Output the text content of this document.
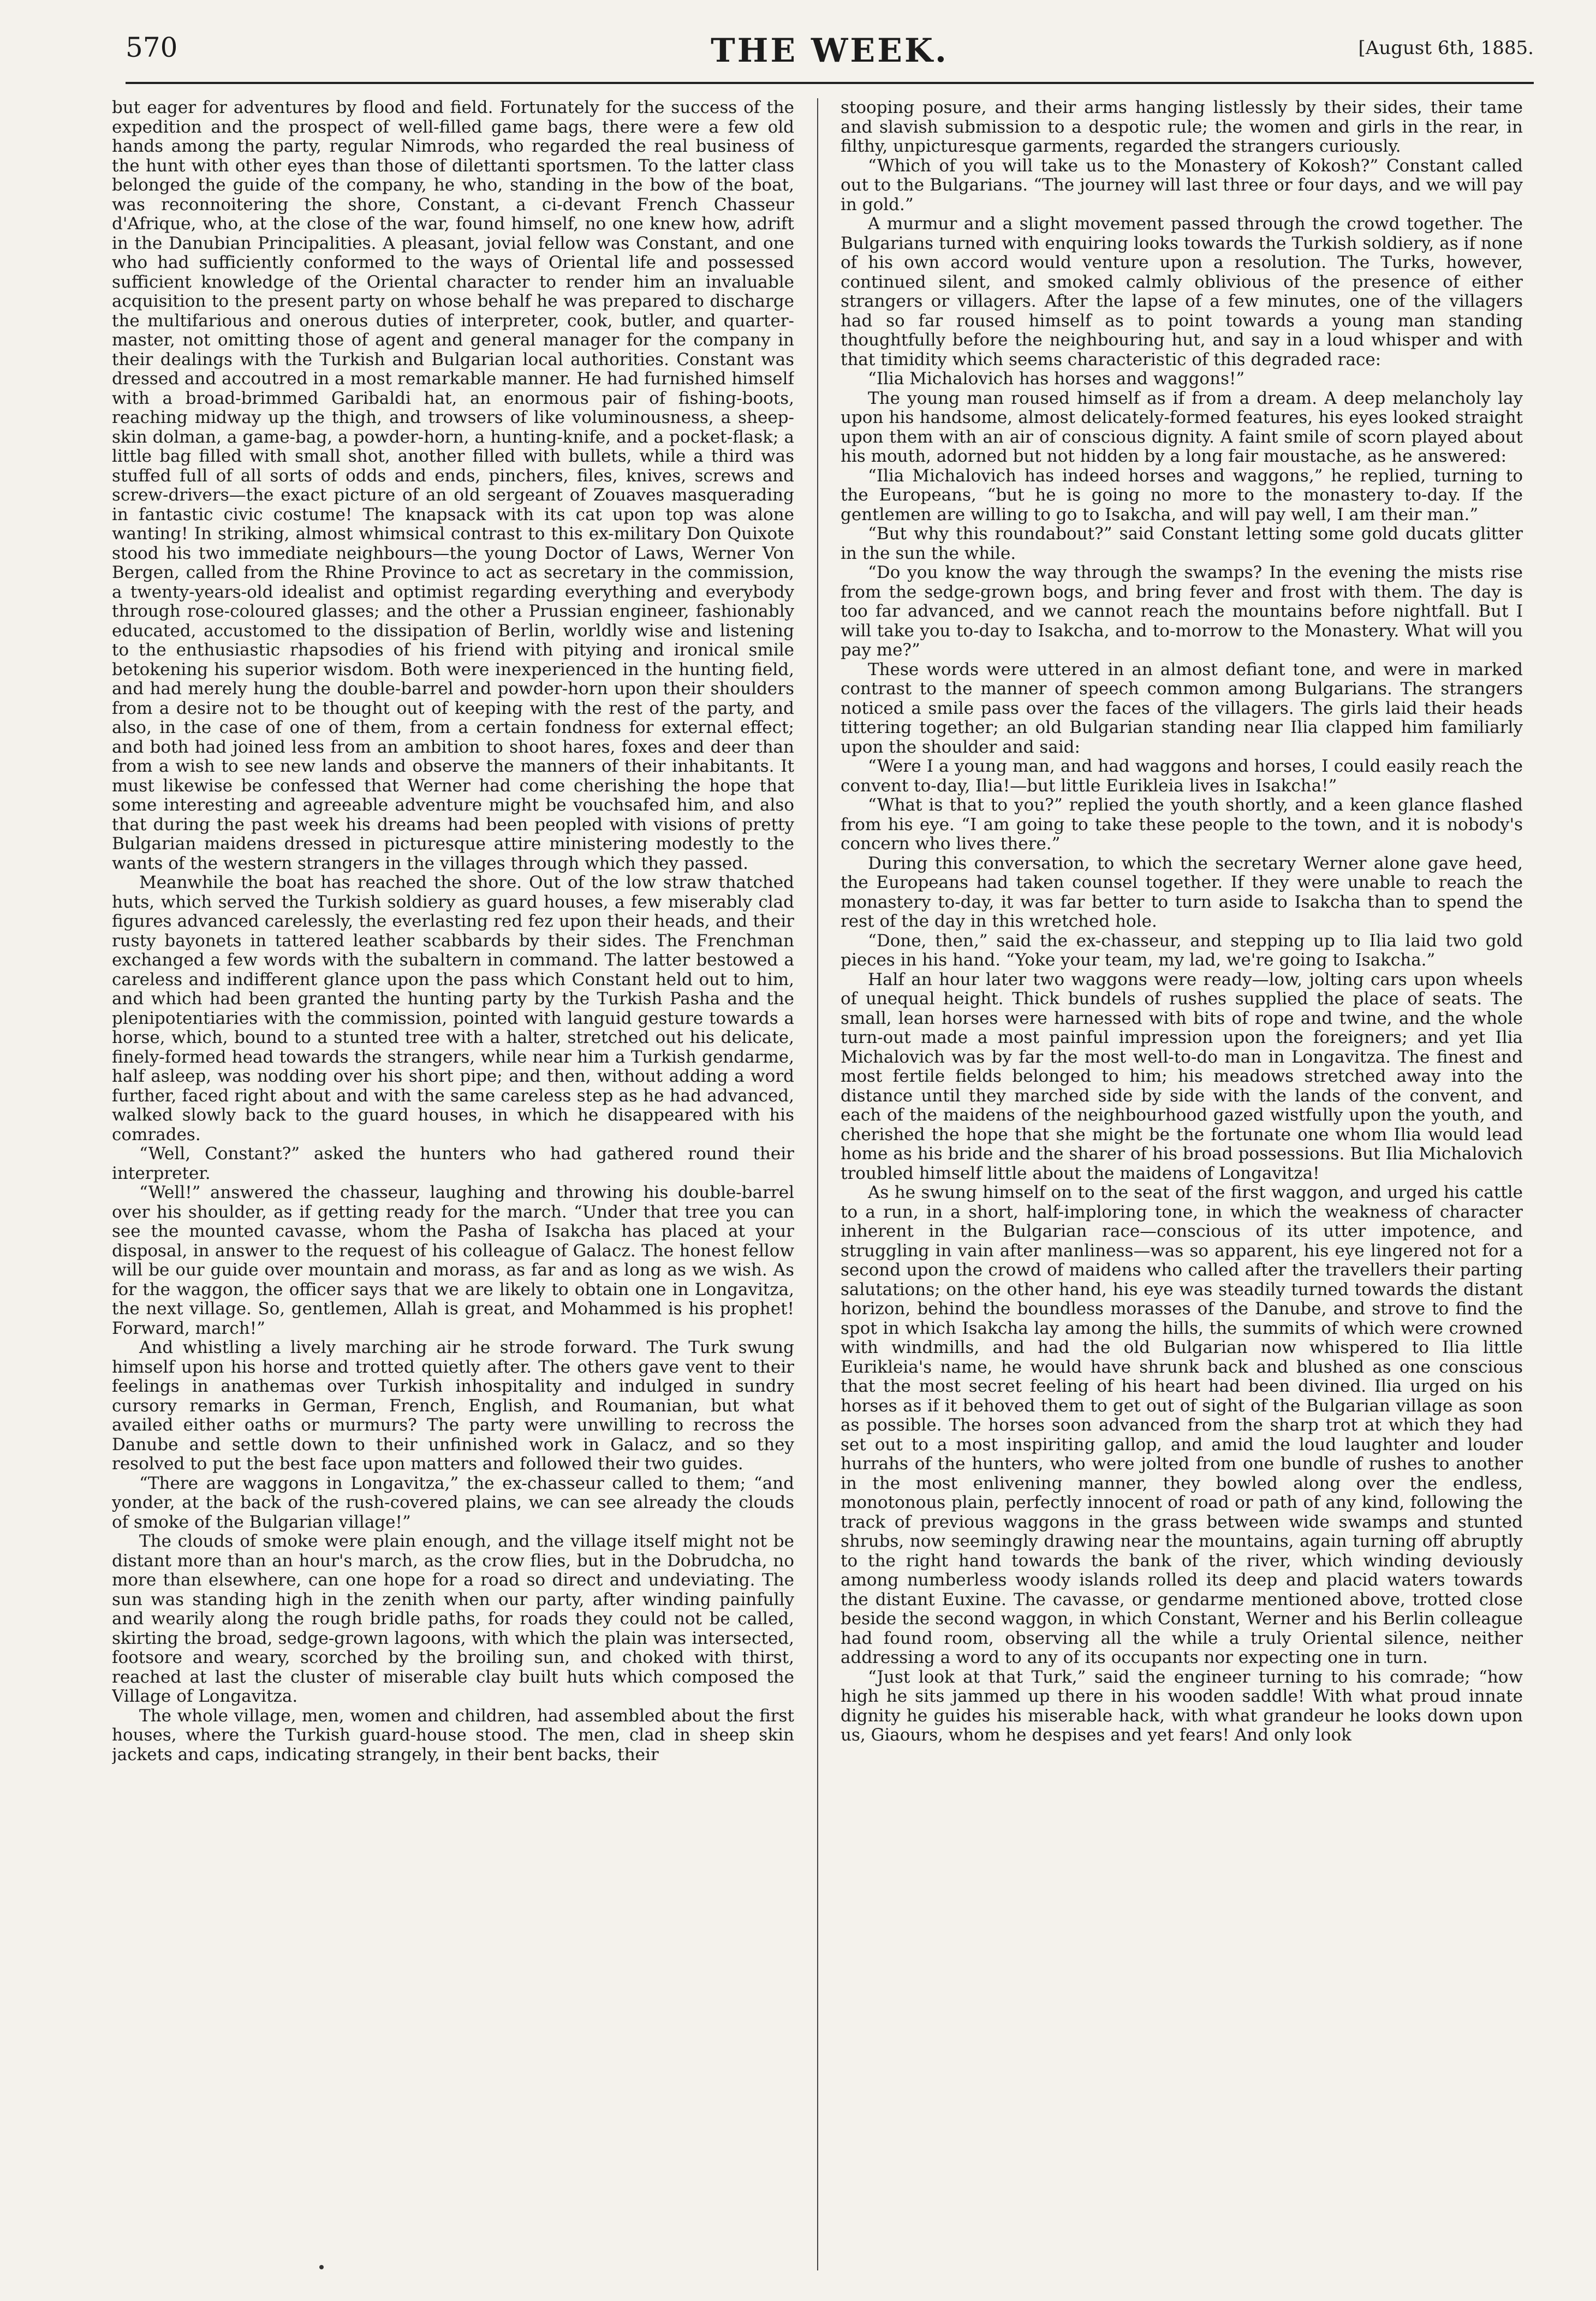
570	THE WEEK.	[August 6th, 1885.

but eager for adventures by flood and field. Fortunately for the success of the expedition and the prospect of well-filled game bags, there were a few old hands among the party, regular Nimrods, who regarded the real business of the hunt with other eyes than those of dilettanti sportsmen. To the latter class belonged the guide of the company, he who, standing in the bow of the boat, was reconnoitering the shore, Constant, a ci-devant French Chasseur d'Afrique, who, at the close of the war, found himself, no one knew how, adrift in the Danubian Principalities. A pleasant, jovial fellow was Constant, and one who had sufficiently conformed to the ways of Oriental life and possessed sufficient knowledge of the Oriental character to render him an invaluable acquisition to the present party on whose behalf he was prepared to discharge the multifarious and onerous duties of interpreter, cook, butler, and quarter-master, not omitting those of agent and general manager for the company in their dealings with the Turkish and Bulgarian local authorities. Constant was dressed and accoutred in a most remarkable manner. He had furnished himself with a broad-brimmed Garibaldi hat, an enormous pair of fishing-boots, reaching midway up the thigh, and trowsers of like voluminousness, a sheep-skin dolman, a game-bag, a powder-horn, a hunting-knife, and a pocket-flask; a little bag filled with small shot, another filled with bullets, while a third was stuffed full of all sorts of odds and ends, pinchers, files, knives, screws and screw-drivers—the exact picture of an old sergeant of Zouaves masquerading in fantastic civic costume! The knapsack with its cat upon top was alone wanting! In striking, almost whimsical contrast to this ex-military Don Quixote stood his two immediate neighbours—the young Doctor of Laws, Werner Von Bergen, called from the Rhine Province to act as secretary in the commission, a twenty-years-old idealist and optimist regarding everything and everybody through rose-coloured glasses; and the other a Prussian engineer, fashionably educated, accustomed to the dissipation of Berlin, worldly wise and listening to the enthusiastic rhapsodies of his friend with pitying and ironical smile betokening his superior wisdom. Both were inexperienced in the hunting field, and had merely hung the double-barrel and powder-horn upon their shoulders from a desire not to be thought out of keeping with the rest of the party, and also, in the case of one of them, from a certain fondness for external effect; and both had joined less from an ambition to shoot hares, foxes and deer than from a wish to see new lands and observe the manners of their inhabitants. It must likewise be confessed that Werner had come cherishing the hope that some interesting and agreeable adventure might be vouchsafed him, and also that during the past week his dreams had been peopled with visions of pretty Bulgarian maidens dressed in picturesque attire ministering modestly to the wants of the western strangers in the villages through which they passed.

Meanwhile the boat has reached the shore. Out of the low straw thatched huts, which served the Turkish soldiery as guard houses, a few miserably clad figures advanced carelessly, the everlasting red fez upon their heads, and their rusty bayonets in tattered leather scabbards by their sides. The Frenchman exchanged a few words with the subaltern in command. The latter bestowed a careless and indifferent glance upon the pass which Constant held out to him, and which had been granted the hunting party by the Turkish Pasha and the plenipotentiaries with the commission, pointed with languid gesture towards a horse, which, bound to a stunted tree with a halter, stretched out his delicate, finely-formed head towards the strangers, while near him a Turkish gendarme, half asleep, was nodding over his short pipe; and then, without adding a word further, faced right about and with the same careless step as he had advanced, walked slowly back to the guard houses, in which he disappeared with his comrades.

“Well, Constant?” asked the hunters who had gathered round their interpreter.

“Well!” answered the chasseur, laughing and throwing his double-barrel over his shoulder, as if getting ready for the march. “Under that tree you can see the mounted cavasse, whom the Pasha of Isakcha has placed at your disposal, in answer to the request of his colleague of Galacz. The honest fellow will be our guide over mountain and morass, as far and as long as we wish. As for the waggon, the officer says that we are likely to obtain one in Longavitza, the next village. So, gentlemen, Allah is great, and Mohammed is his prophet! Forward, march!”

And whistling a lively marching air he strode forward. The Turk swung himself upon his horse and trotted quietly after. The others gave vent to their feelings in anathemas over Turkish inhospitality and indulged in sundry cursory remarks in German, French, English, and Roumanian, but what availed either oaths or murmurs? The party were unwilling to recross the Danube and settle down to their unfinished work in Galacz, and so they resolved to put the best face upon matters and followed their two guides.

“There are waggons in Longavitza,” the ex-chasseur called to them; “and yonder, at the back of the rush-covered plains, we can see already the clouds of smoke of the Bulgarian village!”

The clouds of smoke were plain enough, and the village itself might not be distant more than an hour's march, as the crow flies, but in the Dobrudcha, no more than elsewhere, can one hope for a road so direct and undeviating. The sun was standing high in the zenith when our party, after winding painfully and wearily along the rough bridle paths, for roads they could not be called, skirting the broad, sedge-grown lagoons, with which the plain was intersected, footsore and weary, scorched by the broiling sun, and choked with thirst, reached at last the cluster of miserable clay built huts which composed the Village of Longavitza.

The whole village, men, women and children, had assembled about the first houses, where the Turkish guard-house stood. The men, clad in sheep skin jackets and caps, indicating strangely, in their bent backs, their

stooping posure, and their arms hanging listlessly by their sides, their tame and slavish submission to a despotic rule; the women and girls in the rear, in filthy, unpicturesque garments, regarded the strangers curiously.

“Which of you will take us to the Monastery of Kokosh?” Constant called out to the Bulgarians. “The journey will last three or four days, and we will pay in gold.”

A murmur and a slight movement passed through the crowd together. The Bulgarians turned with enquiring looks towards the Turkish soldiery, as if none of his own accord would venture upon a resolution. The Turks, however, continued silent, and smoked calmly oblivious of the presence of either strangers or villagers. After the lapse of a few minutes, one of the villagers had so far roused himself as to point towards a young man standing thoughtfully before the neighbouring hut, and say in a loud whisper and with that timidity which seems characteristic of this degraded race:

“Ilia Michalovich has horses and waggons!”

The young man roused himself as if from a dream. A deep melancholy lay upon his handsome, almost delicately-formed features, his eyes looked straight upon them with an air of conscious dignity. A faint smile of scorn played about his mouth, adorned but not hidden by a long fair moustache, as he answered:

“Ilia Michalovich has indeed horses and waggons,” he replied, turning to the Europeans, “but he is going no more to the monastery to-day. If the gentlemen are willing to go to Isakcha, and will pay well, I am their man.”

“But why this roundabout?” said Constant letting some gold ducats glitter in the sun the while.

“Do you know the way through the swamps? In the evening the mists rise from the sedge-grown bogs, and bring fever and frost with them. The day is too far advanced, and we cannot reach the mountains before nightfall. But I will take you to-day to Isakcha, and to-morrow to the Monastery. What will you pay me?”

These words were uttered in an almost defiant tone, and were in marked contrast to the manner of speech common among Bulgarians. The strangers noticed a smile pass over the faces of the villagers. The girls laid their heads tittering together; an old Bulgarian standing near Ilia clapped him familiarly upon the shoulder and said:

“Were I a young man, and had waggons and horses, I could easily reach the convent to-day, Ilia!—but little Eurikleia lives in Isakcha!”

“What is that to you?” replied the youth shortly, and a keen glance flashed from his eye. “I am going to take these people to the town, and it is nobody's concern who lives there.”

During this conversation, to which the secretary Werner alone gave heed, the Europeans had taken counsel together. If they were unable to reach the monastery to-day, it was far better to turn aside to Isakcha than to spend the rest of the day in this wretched hole.

“Done, then,” said the ex-chasseur, and stepping up to Ilia laid two gold pieces in his hand. “Yoke your team, my lad, we're going to Isakcha.”

Half an hour later two waggons were ready—low, jolting cars upon wheels of unequal height. Thick bundels of rushes supplied the place of seats. The small, lean horses were harnessed with bits of rope and twine, and the whole turn-out made a most painful impression upon the foreigners; and yet Ilia Michalovich was by far the most well-to-do man in Longavitza. The finest and most fertile fields belonged to him; his meadows stretched away into the distance until they marched side by side with the lands of the convent, and each of the maidens of the neighbourhood gazed wistfully upon the youth, and cherished the hope that she might be the fortunate one whom Ilia would lead home as his bride and the sharer of his broad possessions. But Ilia Michalovich troubled himself little about the maidens of Longavitza!

As he swung himself on to the seat of the first waggon, and urged his cattle to a run, in a short, half-imploring tone, in which the weakness of character inherent in the Bulgarian race—conscious of its utter impotence, and struggling in vain after manliness—was so apparent, his eye lingered not for a second upon the crowd of maidens who called after the travellers their parting salutations; on the other hand, his eye was steadily turned towards the distant horizon, behind the boundless morasses of the Danube, and strove to find the spot in which Isakcha lay among the hills, the summits of which were crowned with windmills, and had the old Bulgarian now whispered to Ilia little Eurikleia's name, he would have shrunk back and blushed as one conscious that the most secret feeling of his heart had been divined. Ilia urged on his horses as if it behoved them to get out of sight of the Bulgarian village as soon as possible. The horses soon advanced from the sharp trot at which they had set out to a most inspiriting gallop, and amid the loud laughter and louder hurrahs of the hunters, who were jolted from one bundle of rushes to another in the most enlivening manner, they bowled along over the endless, monotonous plain, perfectly innocent of road or path of any kind, following the track of previous waggons in the grass between wide swamps and stunted shrubs, now seemingly drawing near the mountains, again turning off abruptly to the right hand towards the bank of the river, which winding deviously among numberless woody islands rolled its deep and placid waters towards the distant Euxine. The cavasse, or gendarme mentioned above, trotted close beside the second waggon, in which Constant, Werner and his Berlin colleague had found room, observing all the while a truly Oriental silence, neither addressing a word to any of its occupants nor expecting one in turn.

“Just look at that Turk,” said the engineer turning to his comrade; “how high he sits jammed up there in his wooden saddle! With what proud innate dignity he guides his miserable hack, with what grandeur he looks down upon us, Giaours, whom he despises and yet fears! And only look
